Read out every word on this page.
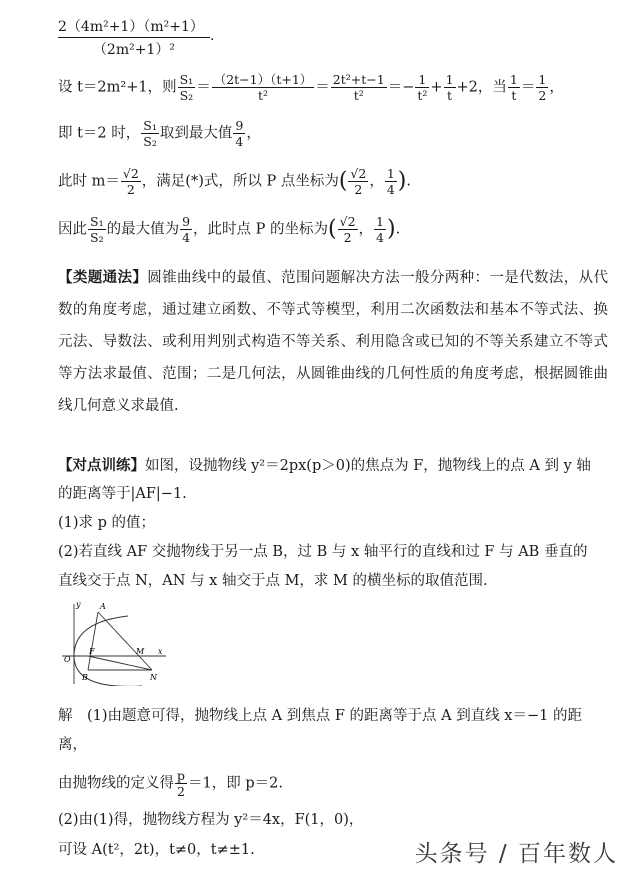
$\frac{\text{2（4m²+1）（m²+1）}}{\text{（2m²+1）²}}$ .
设 t＝2m²+1，则 $\frac{\text{S₁}}{\text{S₂}} = \frac{(2t-1)(t+1)}{\text{t²}} = \frac{\text{2t²+t−1}}{\text{t²}} =- \frac{1}{\text{t²}} + \frac{1}{t} +2$，当 $\frac{1}{t} = \frac{1}{2}$ ，
即 t＝2 时， $\frac{\text{S₁}}{\text{S₂}}$ 取到最大值 $\frac{9}{4}$ ，
此时 $m= \frac{√2}{2}$ ，满足(*)式，所以 P 点坐标为( $\frac{√2}{2}$ ， $\frac{1}{4}$ ).
因此 $\frac{\text{S₁}}{\text{S₂}}$ 的最大值为 $\frac{9}{4}$ ，此时点 P 的坐标为( $\frac{√2}{2}$ ， $\frac{1}{4}$ ).
【类题通法】圆锥曲线中的最值、范围问题解决方法一般分两种：一是代数法，从代数的角度考虑，通过建立函数、不等式等模型，利用二次函数法和基本不等式法、换元法、导数法、或利用判别式构造不等关系、利用隐含或已知的不等关系建立不等式等方法求最值、范围；二是几何法，从圆锥曲线的几何性质的角度考虑，根据圆锥曲线几何意义求最值.
【对点训练】如图，设抛物线 y²＝2px(p＞0)的焦点为 F，抛物线上的点 A 到 y 轴
的距离等于|AF|−1.
(1)求 p 的值；
(2)若直线 AF 交抛物线于另一点 B，过 B 与 x 轴平行的直线和过 F 与 AB 垂直的
直线交于点 N，AN 与 x 轴交于点 M，求 M 的横坐标的取值范围.
y A
O
F	M x
B	N
解　(1)由题意可得，抛物线上点 A 到焦点 F 的距离等于点 A 到直线 x＝−1 的距
离，
由抛物线的定义得 $\frac{p}{2} =1$，即 p＝2.
(2)由(1)得，抛物线方程为 y²＝4x，F(1，0)，
可设 A(t²，2t)，t≠0，t≠±1.	头条号 / 百年数人
